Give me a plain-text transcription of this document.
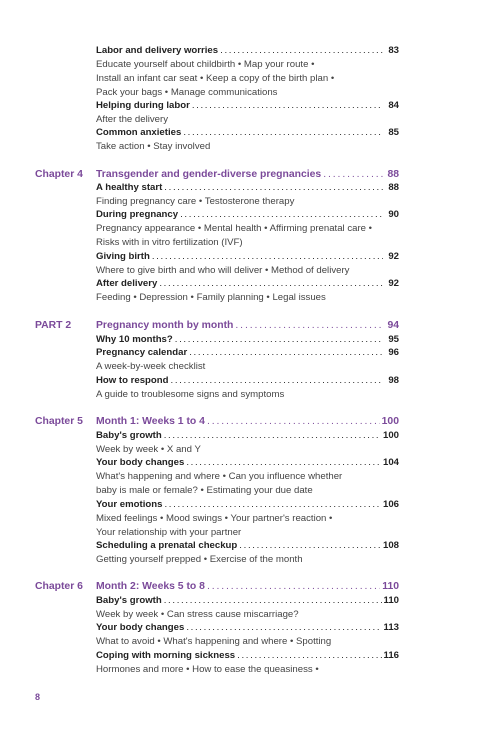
Labor and delivery worries . . .	83
Educate yourself about childbirth • Map your route •
Install an infant car seat • Keep a copy of the birth plan •
Pack your bags • Manage communications
Helping during labor . . .	84
After the delivery
Common anxieties . . .	85
Take action • Stay involved
Chapter 4 Transgender and gender-diverse pregnancies . . .	88
A healthy start . . .	88
Finding pregnancy care • Testosterone therapy
During pregnancy . . .	90
Pregnancy appearance • Mental health • Affirming prenatal care •
Risks with in vitro fertilization (IVF)
Giving birth . . .	92
Where to give birth and who will deliver • Method of delivery
After delivery . . .	92
Feeding • Depression • Family planning • Legal issues
PART 2 Pregnancy month by month . . .	94
Why 10 months? . . .	95
Pregnancy calendar . . .	96
A week-by-week checklist
How to respond . . .	98
A guide to troublesome signs and symptoms
Chapter 5 Month 1: Weeks 1 to 4 . . .	100
Baby's growth . . .	100
Week by week • X and Y
Your body changes . . .	104
What's happening and where • Can you influence whether
baby is male or female? • Estimating your due date
Your emotions . . .	106
Mixed feelings • Mood swings • Your partner's reaction •
Your relationship with your partner
Scheduling a prenatal checkup . . .	108
Getting yourself prepped • Exercise of the month
Chapter 6 Month 2: Weeks 5 to 8 . . .	110
Baby's growth . . .	110
Week by week • Can stress cause miscarriage?
Your body changes . . .	113
What to avoid • What's happening and where • Spotting
Coping with morning sickness . . .	116
Hormones and more • How to ease the queasiness •
8
